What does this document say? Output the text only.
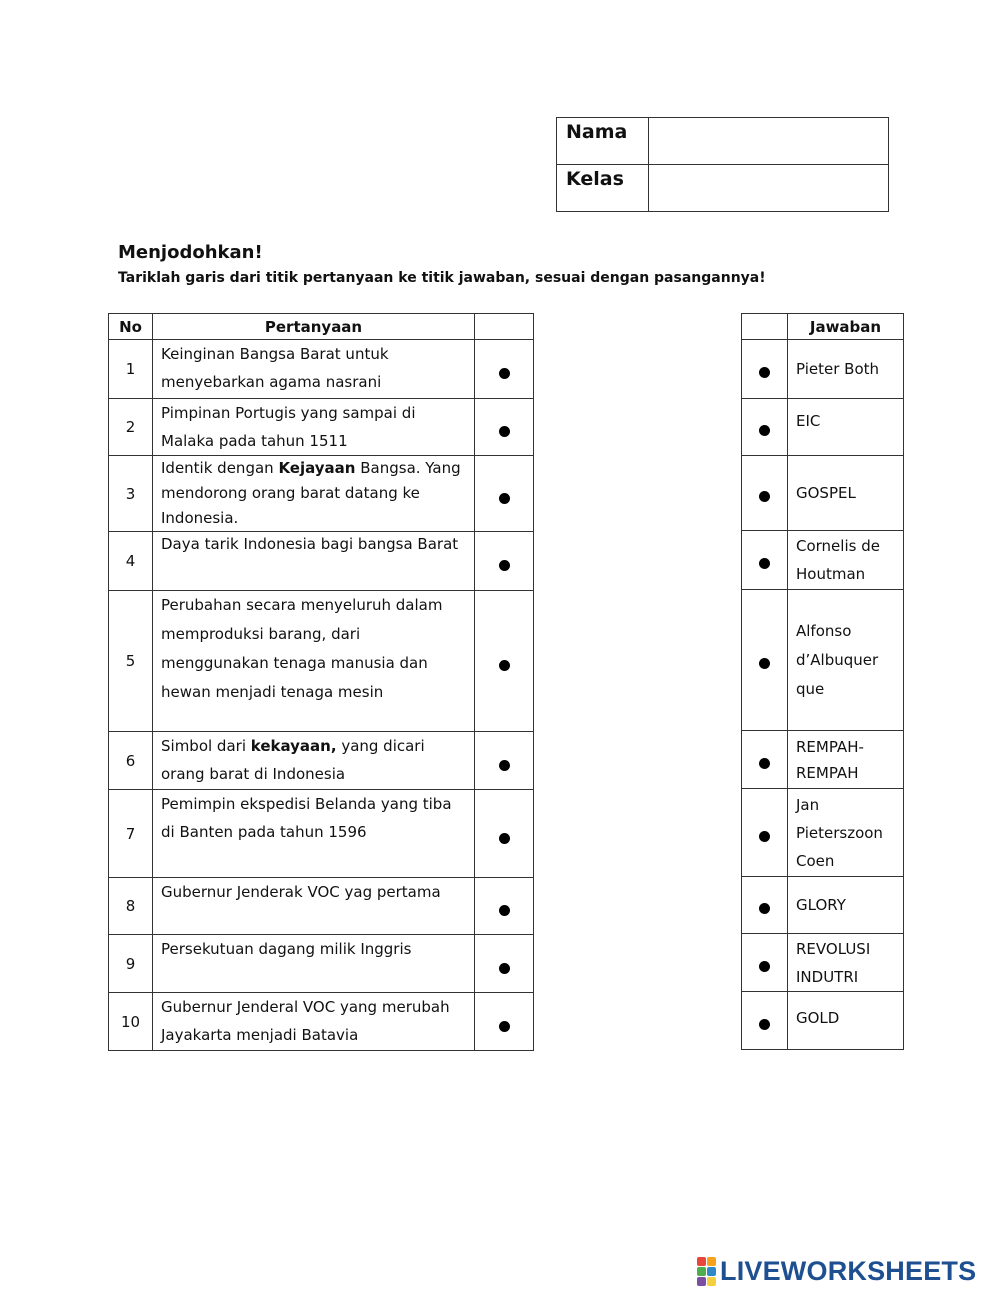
Nama	
Kelas	
Menjodohkan!
Tariklah garis dari titik pertanyaan ke titik jawaban, sesuai dengan pasangannya!
No	Pertanyaan	
1	Keinginan Bangsa Barat untuk menyebarkan agama nasrani	
2	Pimpinan Portugis yang sampai di Malaka pada tahun 1511	
3	Identik dengan Kejayaan Bangsa. Yang mendorong orang barat datang ke Indonesia.	
4	Daya tarik Indonesia bagi bangsa Barat	
5	Perubahan secara menyeluruh dalam memproduksi barang, dari menggunakan tenaga manusia dan hewan menjadi tenaga mesin	
6	Simbol dari kekayaan, yang dicari orang barat di Indonesia	
7	Pemimpin ekspedisi Belanda yang tiba di Banten pada tahun 1596	
8	Gubernur Jenderak VOC yag pertama	
9	Persekutuan dagang milik Inggris	
10	Gubernur Jenderal VOC yang merubah Jayakarta menjadi Batavia	
	Jawaban
	Pieter Both
	EIC
	GOSPEL
	Cornelis de Houtman
	Alfonso d’Albuquer que
	REMPAH-REMPAH
	Jan Pieterszoon Coen
	GLORY
	REVOLUSI INDUTRI
	GOLD
LIVEWORKSHEETS
